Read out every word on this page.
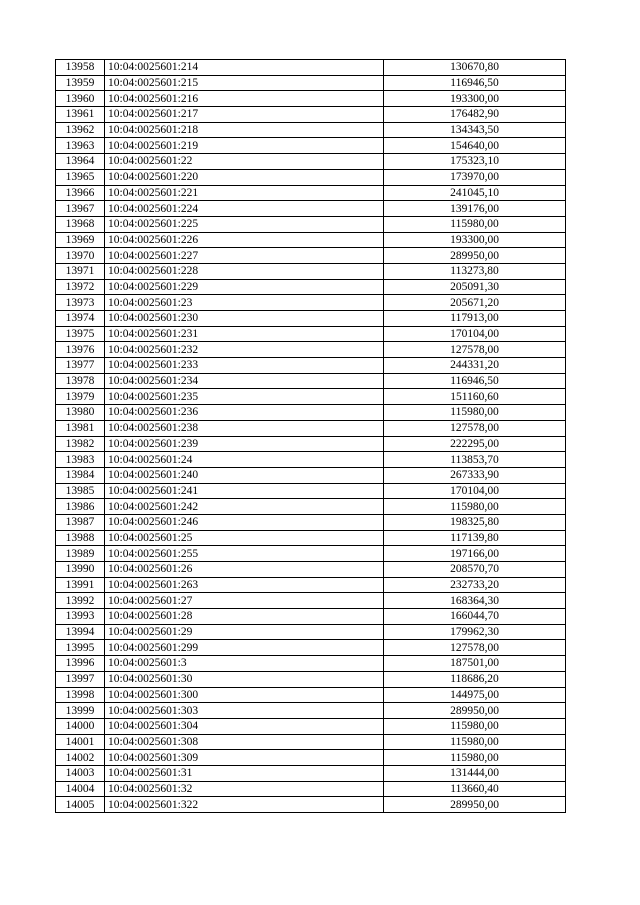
13958	10:04:0025601:214	130670,80
13959	10:04:0025601:215	116946,50
13960	10:04:0025601:216	193300,00
13961	10:04:0025601:217	176482,90
13962	10:04:0025601:218	134343,50
13963	10:04:0025601:219	154640,00
13964	10:04:0025601:22	175323,10
13965	10:04:0025601:220	173970,00
13966	10:04:0025601:221	241045,10
13967	10:04:0025601:224	139176,00
13968	10:04:0025601:225	115980,00
13969	10:04:0025601:226	193300,00
13970	10:04:0025601:227	289950,00
13971	10:04:0025601:228	113273,80
13972	10:04:0025601:229	205091,30
13973	10:04:0025601:23	205671,20
13974	10:04:0025601:230	117913,00
13975	10:04:0025601:231	170104,00
13976	10:04:0025601:232	127578,00
13977	10:04:0025601:233	244331,20
13978	10:04:0025601:234	116946,50
13979	10:04:0025601:235	151160,60
13980	10:04:0025601:236	115980,00
13981	10:04:0025601:238	127578,00
13982	10:04:0025601:239	222295,00
13983	10:04:0025601:24	113853,70
13984	10:04:0025601:240	267333,90
13985	10:04:0025601:241	170104,00
13986	10:04:0025601:242	115980,00
13987	10:04:0025601:246	198325,80
13988	10:04:0025601:25	117139,80
13989	10:04:0025601:255	197166,00
13990	10:04:0025601:26	208570,70
13991	10:04:0025601:263	232733,20
13992	10:04:0025601:27	168364,30
13993	10:04:0025601:28	166044,70
13994	10:04:0025601:29	179962,30
13995	10:04:0025601:299	127578,00
13996	10:04:0025601:3	187501,00
13997	10:04:0025601:30	118686,20
13998	10:04:0025601:300	144975,00
13999	10:04:0025601:303	289950,00
14000	10:04:0025601:304	115980,00
14001	10:04:0025601:308	115980,00
14002	10:04:0025601:309	115980,00
14003	10:04:0025601:31	131444,00
14004	10:04:0025601:32	113660,40
14005	10:04:0025601:322	289950,00
